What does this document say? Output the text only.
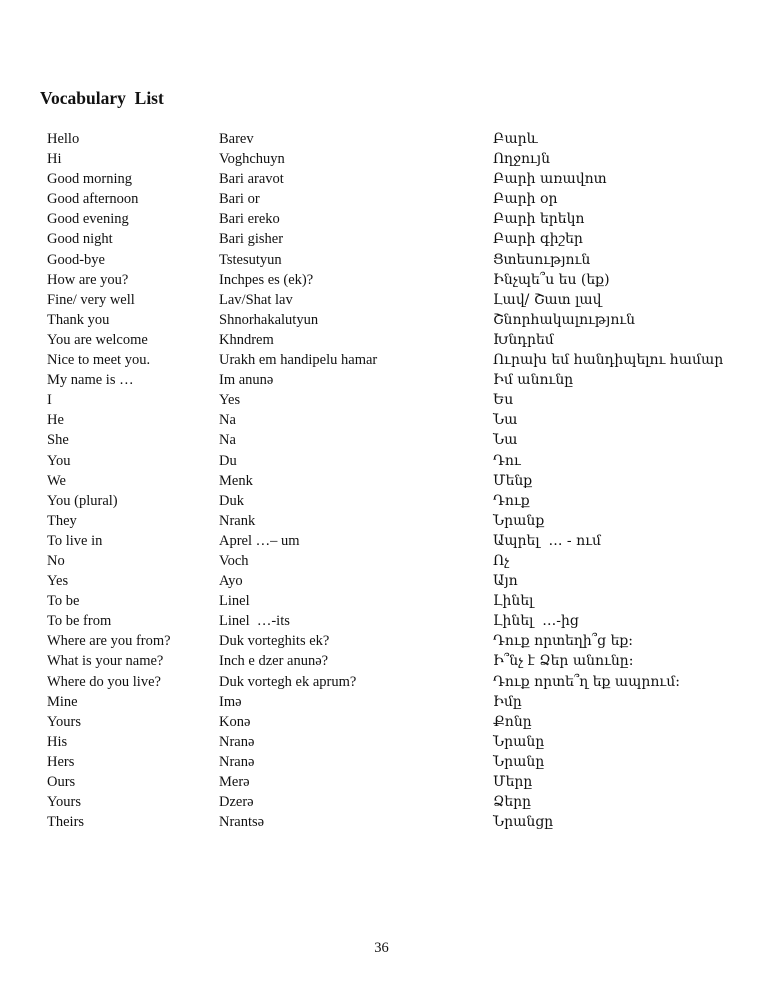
Vocabulary  List
Hello	Barev	Բարև
Hi	Voghchuyn	Ողջույն
Good morning	Bari aravot	Բարի առավոտ
Good afternoon	Bari or	Բարի օր
Good evening	Bari ereko	Բարի երեկո
Good night	Bari gisher	Բարի գիշեր
Good-bye	Tstesutyun	Ցտեսություն
How are you?	Inchpes es (ek)?	Ինչպե՞ս ես (եք)
Fine/ very well	Lav/Shat lav	Լավ/ Շատ լավ
Thank you	Shnorhakalutyun	Շնորհակալություն
You are welcome	Khndrem	Խնդրեմ
Nice to meet you.	Urakh em handipelu hamar	Ուրախ եմ հանդիպելու համար
My name is …	Im anunə	Իմ անունը
I	Yes	Ես
He	Na	Նա
She	Na	Նա
You	Du	Դու
We	Menk	Մենք
You (plural)	Duk	Դուք
They	Nrank	Նրանք
To live in	Aprel …– um	Ապրել  … - ում
No	Voch	Ոչ
Yes	Ayo	Այո
To be	Linel	Լինել
To be from	Linel  …-its	Լինել  …-ից
Where are you from?	Duk vorteghits ek?	Դուք որտեղի՞ց եք:
What is your name?	Inch e dzer anunə?	Ի՞նչ է Ձեր անունը:
Where do you live?	Duk vortegh ek aprum?	Դուք որտե՞ղ եք ապրում:
Mine	Imə	Իմը
Yours	Konə	Քոնը
His	Nranə	Նրանը
Hers	Nranə	Նրանը
Ours	Merə	Մերը
Yours	Dzerə	Ձերը
Theirs	Nrantsə	Նրանցը
36
